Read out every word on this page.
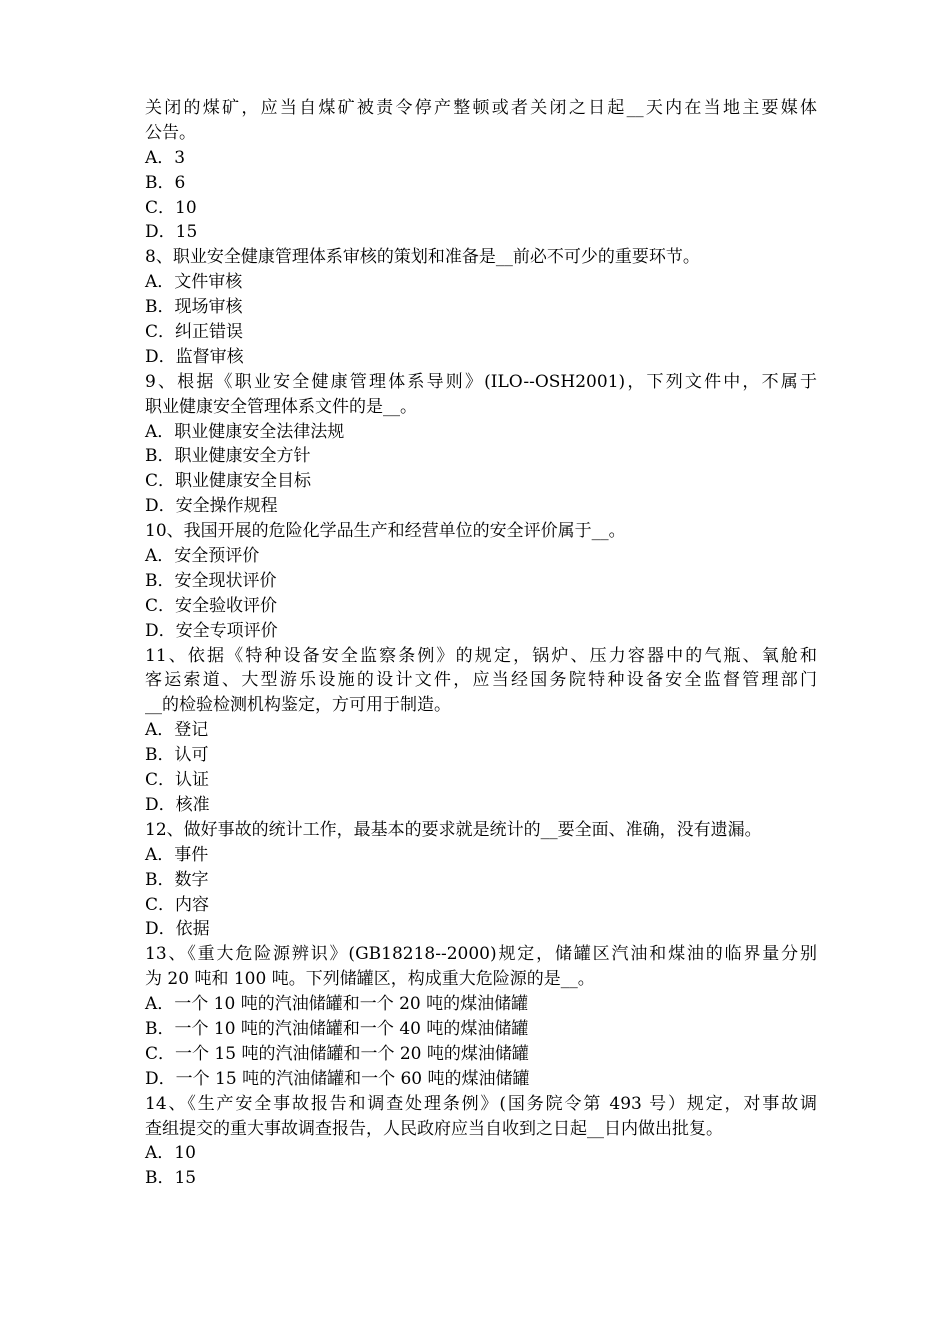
关闭的煤矿，应当自煤矿被责令停产整顿或者关闭之日起__天内在当地主要媒体
公告。
A．3
B．6
C．10
D．15
8、职业安全健康管理体系审核的策划和准备是__前必不可少的重要环节。
A．文件审核
B．现场审核
C．纠正错误
D．监督审核
9、根据《职业安全健康管理体系导则》(ILO--OSH2001)，下列文件中，不属于
职业健康安全管理体系文件的是__。
A．职业健康安全法律法规
B．职业健康安全方针
C．职业健康安全目标
D．安全操作规程
10、我国开展的危险化学品生产和经营单位的安全评价属于__。
A．安全预评价
B．安全现状评价
C．安全验收评价
D．安全专项评价
11、依据《特种设备安全监察条例》的规定，锅炉、压力容器中的气瓶、氧舱和
客运索道、大型游乐设施的设计文件，应当经国务院特种设备安全监督管理部门
__的检验检测机构鉴定，方可用于制造。
A．登记
B．认可
C．认证
D．核准
12、做好事故的统计工作，最基本的要求就是统计的__要全面、准确，没有遗漏。
A．事件
B．数字
C．内容
D．依据
13、《重大危险源辨识》(GB18218--2000)规定，储罐区汽油和煤油的临界量分别
为 20 吨和 100 吨。下列储罐区，构成重大危险源的是__。
A．一个 10 吨的汽油储罐和一个 20 吨的煤油储罐
B．一个 10 吨的汽油储罐和一个 40 吨的煤油储罐
C．一个 15 吨的汽油储罐和一个 20 吨的煤油储罐
D．一个 15 吨的汽油储罐和一个 60 吨的煤油储罐
14、《生产安全事故报告和调查处理条例》(国务院令第 493 号）规定，对事故调
查组提交的重大事故调查报告，人民政府应当自收到之日起__日内做出批复。
A．10
B．15
